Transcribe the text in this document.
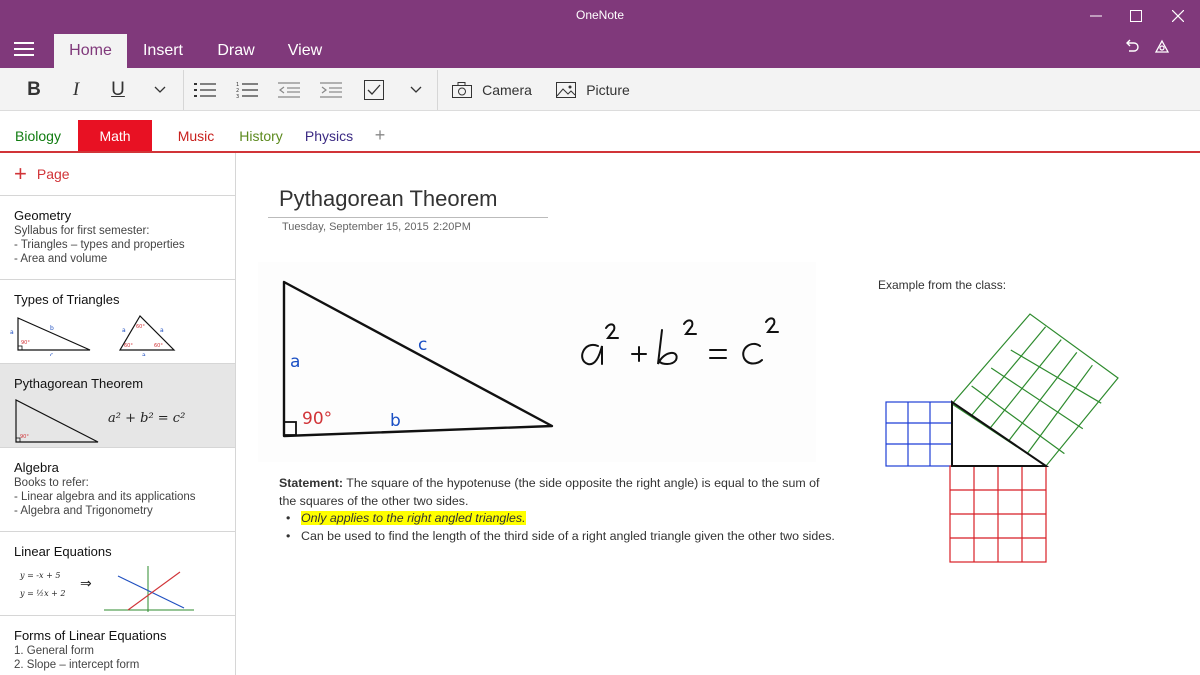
OneNote
Home	Insert	Draw	View
B	I	U	1
2
3	Camera	Picture
Biology	Math	Music	History	Physics	+
+ Page
Geometry
Syllabus for first semester:
- Triangles – types and properties
- Area and volume
Types of Triangles
90°
60°
60°	60°
a
b
c
a	a
a
Pythagorean Theorem
90°
a² + b² = c²
Algebra
Books to refer:
- Linear algebra and its applications
- Algebra and Trigonometry
Linear Equations
y = -x + 5
y = ½x + 2
⇒
Forms of Linear Equations
1. General form
2. Slope – intercept form
Pythagorean Theorem
Tuesday, September 15, 2015 2:20PM
90°
a
b
c
Statement: The square of the hypotenuse (the side opposite the right angle) is equal to the sum of the squares of the other two sides.
• Only applies to the right angled triangles.
• Can be used to find the length of the third side of a right angled triangle given the other two sides.
Example from the class:
